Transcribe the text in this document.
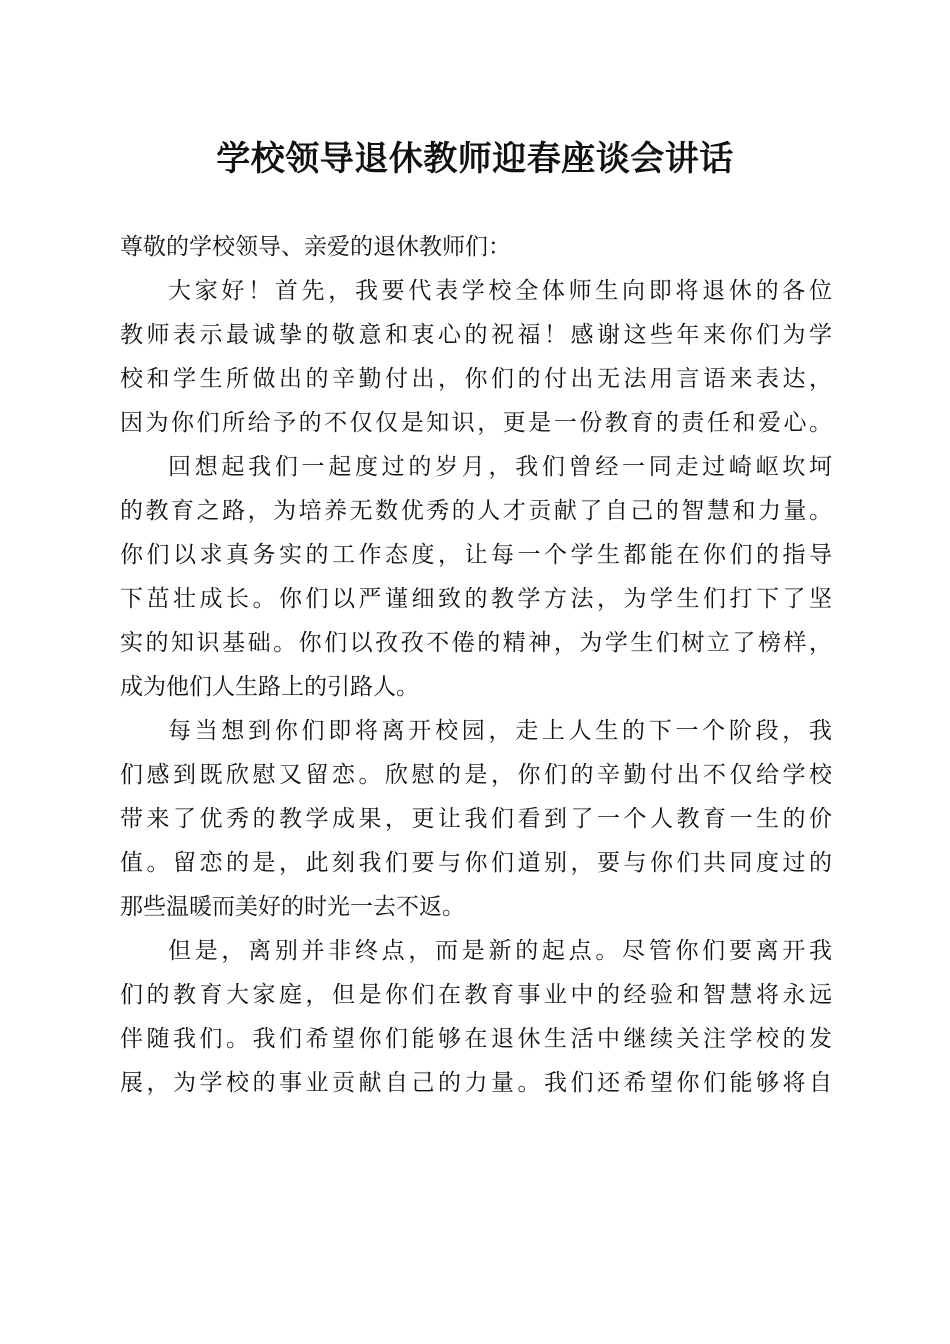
学校领导退休教师迎春座谈会讲话
尊敬的学校领导、亲爱的退休教师们：
大家好！首先，我要代表学校全体师生向即将退休的各位
教师表示最诚挚的敬意和衷心的祝福！感谢这些年来你们为学
校和学生所做出的辛勤付出，你们的付出无法用言语来表达，
因为你们所给予的不仅仅是知识，更是一份教育的责任和爱心。
回想起我们一起度过的岁月，我们曾经一同走过崎岖坎坷
的教育之路，为培养无数优秀的人才贡献了自己的智慧和力量。
你们以求真务实的工作态度，让每一个学生都能在你们的指导
下茁壮成长。你们以严谨细致的教学方法，为学生们打下了坚
实的知识基础。你们以孜孜不倦的精神，为学生们树立了榜样，
成为他们人生路上的引路人。
每当想到你们即将离开校园，走上人生的下一个阶段，我
们感到既欣慰又留恋。欣慰的是，你们的辛勤付出不仅给学校
带来了优秀的教学成果，更让我们看到了一个人教育一生的价
值。留恋的是，此刻我们要与你们道别，要与你们共同度过的
那些温暖而美好的时光一去不返。
但是，离别并非终点，而是新的起点。尽管你们要离开我
们的教育大家庭，但是你们在教育事业中的经验和智慧将永远
伴随我们。我们希望你们能够在退休生活中继续关注学校的发
展，为学校的事业贡献自己的力量。我们还希望你们能够将自
